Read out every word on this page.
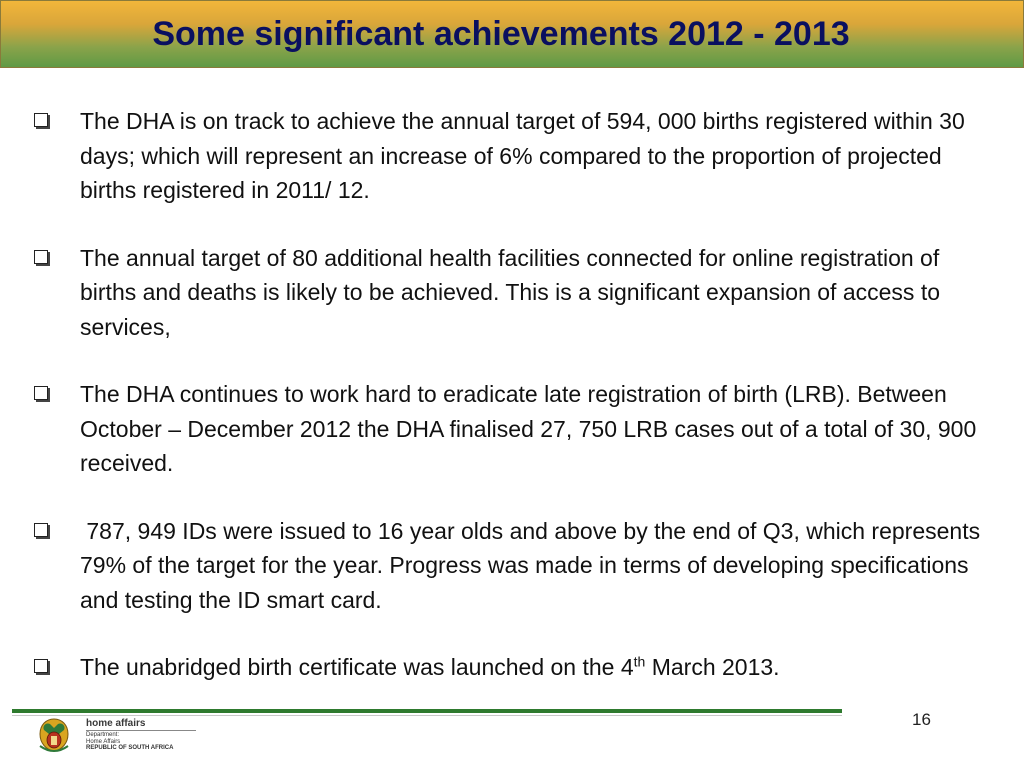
Some significant achievements 2012 - 2013
The DHA is on track to achieve the annual target of 594, 000 births registered within 30 days; which will represent an increase of 6% compared to the proportion of projected births registered in 2011/ 12.
The annual target of 80 additional health facilities connected for online registration of births and deaths is likely to be achieved. This is a significant expansion of access to services,
The DHA continues to work hard to eradicate late registration of birth (LRB). Between October – December 2012 the DHA finalised 27, 750 LRB cases out of a total of 30, 900 received.
787, 949 IDs were issued to 16 year olds and above by the end of Q3, which represents 79% of the target for the year. Progress was made in terms of developing specifications and testing the ID smart card.
The unabridged birth certificate was launched on the 4th March 2013.
16
home affairs
Department:
Home Affairs
REPUBLIC OF SOUTH AFRICA
